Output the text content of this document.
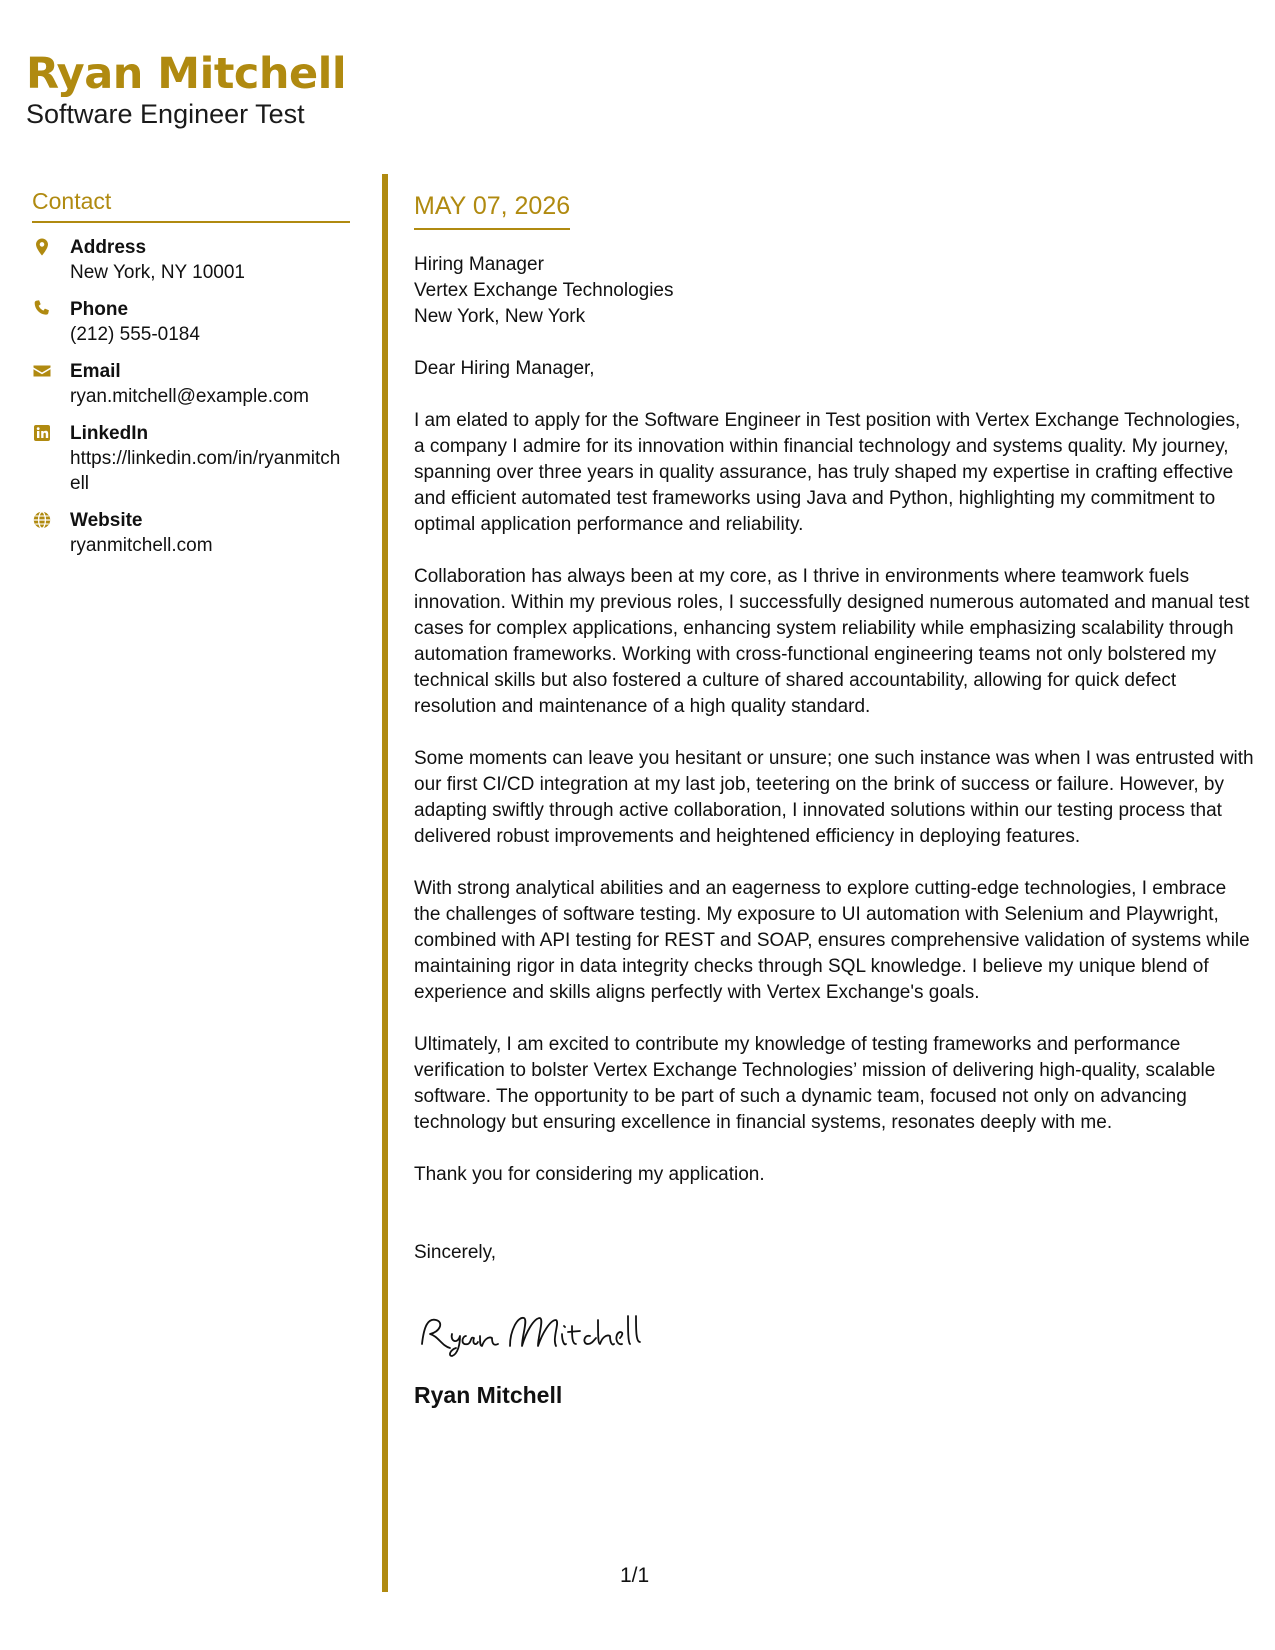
Ryan Mitchell
Software Engineer Test
Contact
Address
New York, NY 10001
Phone
(212) 555-0184
Email
ryan.mitchell@example.com
LinkedIn
https://linkedin.com/in/ryanmitchell
Website
ryanmitchell.com
MAY 07, 2026
Hiring Manager
Vertex Exchange Technologies
New York, New York
Dear Hiring Manager,
I am elated to apply for the Software Engineer in Test position with Vertex Exchange Technologies, a company I admire for its innovation within financial technology and systems quality. My journey, spanning over three years in quality assurance, has truly shaped my expertise in crafting effective and efficient automated test frameworks using Java and Python, highlighting my commitment to optimal application performance and reliability.
Collaboration has always been at my core, as I thrive in environments where teamwork fuels innovation. Within my previous roles, I successfully designed numerous automated and manual test cases for complex applications, enhancing system reliability while emphasizing scalability through automation frameworks. Working with cross-functional engineering teams not only bolstered my technical skills but also fostered a culture of shared accountability, allowing for quick defect resolution and maintenance of a high quality standard.
Some moments can leave you hesitant or unsure; one such instance was when I was entrusted with our first CI/CD integration at my last job, teetering on the brink of success or failure. However, by adapting swiftly through active collaboration, I innovated solutions within our testing process that delivered robust improvements and heightened efficiency in deploying features.
With strong analytical abilities and an eagerness to explore cutting-edge technologies, I embrace the challenges of software testing. My exposure to UI automation with Selenium and Playwright, combined with API testing for REST and SOAP, ensures comprehensive validation of systems while maintaining rigor in data integrity checks through SQL knowledge. I believe my unique blend of experience and skills aligns perfectly with Vertex Exchange's goals.
Ultimately, I am excited to contribute my knowledge of testing frameworks and performance verification to bolster Vertex Exchange Technologies’ mission of delivering high-quality, scalable software. The opportunity to be part of such a dynamic team, focused not only on advancing technology but ensuring excellence in financial systems, resonates deeply with me.
Thank you for considering my application.
Sincerely,
Ryan Mitchell
1/1
